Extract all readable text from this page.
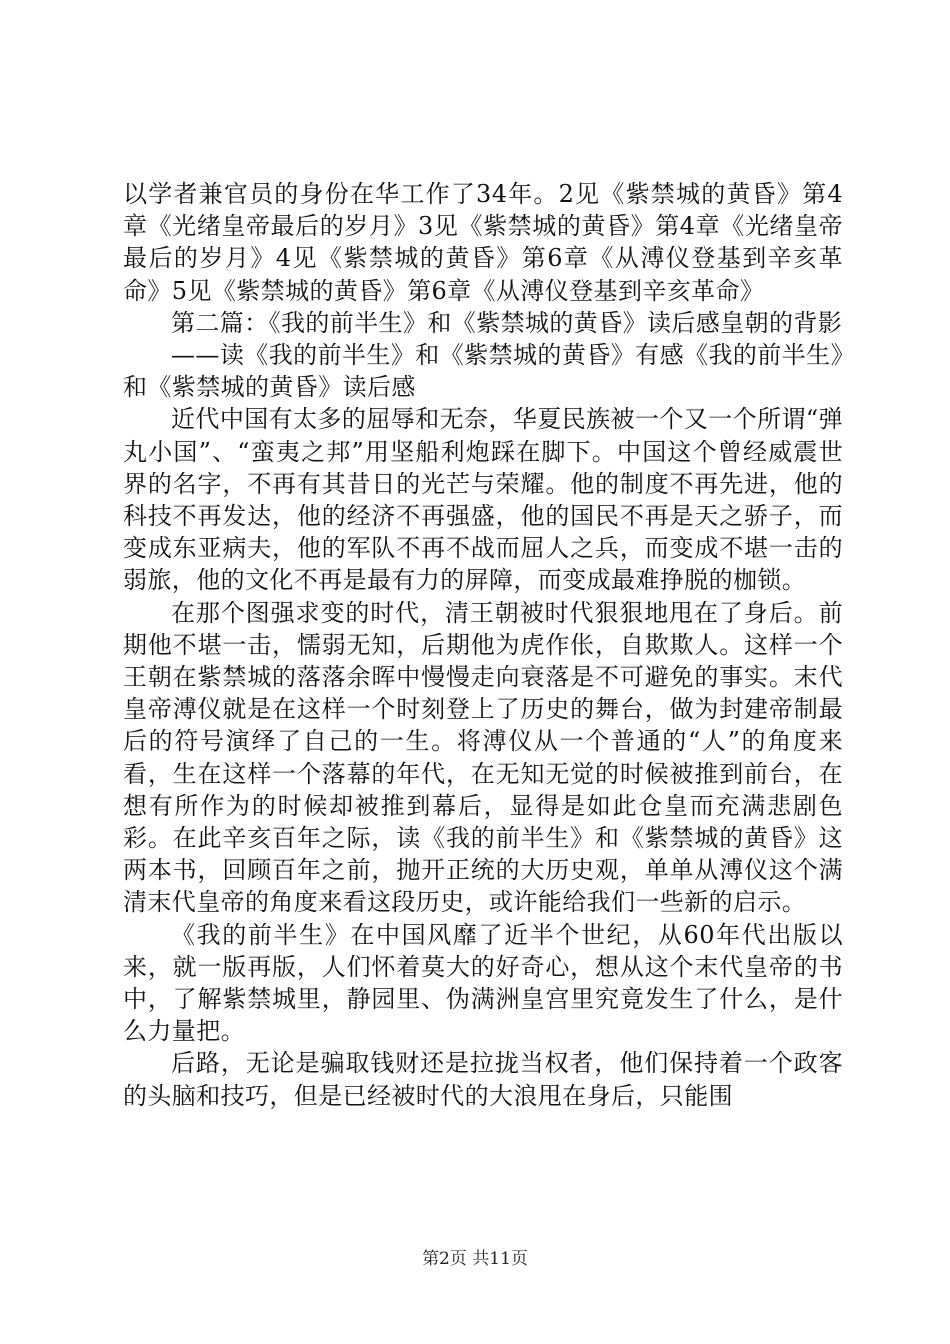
以学者兼官员的身份在华工作了34年。2见《紫禁城的黄昏》第4章《光绪皇帝最后的岁月》3见《紫禁城的黄昏》第4章《光绪皇帝最后的岁月》4见《紫禁城的黄昏》第6章《从溥仪登基到辛亥革命》5见《紫禁城的黄昏》第6章《从溥仪登基到辛亥革命》

第二篇：《我的前半生》和《紫禁城的黄昏》读后感皇朝的背影

——读《我的前半生》和《紫禁城的黄昏》有感《我的前半生》和《紫禁城的黄昏》读后感

近代中国有太多的屈辱和无奈，华夏民族被一个又一个所谓“弹丸小国”、“蛮夷之邦”用坚船利炮踩在脚下。中国这个曾经威震世界的名字，不再有其昔日的光芒与荣耀。他的制度不再先进，他的科技不再发达，他的经济不再强盛，他的国民不再是天之骄子，而变成东亚病夫，他的军队不再不战而屈人之兵，而变成不堪一击的弱旅，他的文化不再是最有力的屏障，而变成最难挣脱的枷锁。

在那个图强求变的时代，清王朝被时代狠狠地甩在了身后。前期他不堪一击，懦弱无知，后期他为虎作伥，自欺欺人。这样一个王朝在紫禁城的落落余晖中慢慢走向衰落是不可避免的事实。末代皇帝溥仪就是在这样一个时刻登上了历史的舞台，做为封建帝制最后的符号演绎了自己的一生。将溥仪从一个普通的“人”的角度来看，生在这样一个落幕的年代，在无知无觉的时候被推到前台，在想有所作为的时候却被推到幕后，显得是如此仓皇而充满悲剧色彩。在此辛亥百年之际，读《我的前半生》和《紫禁城的黄昏》这两本书，回顾百年之前，抛开正统的大历史观，单单从溥仪这个满清末代皇帝的角度来看这段历史，或许能给我们一些新的启示。

《我的前半生》在中国风靡了近半个世纪，从60年代出版以来，就一版再版，人们怀着莫大的好奇心，想从这个末代皇帝的书中，了解紫禁城里，静园里、伪满洲皇宫里究竟发生了什么，是什么力量把。

后路，无论是骗取钱财还是拉拢当权者，他们保持着一个政客的头脑和技巧，但是已经被时代的大浪甩在身后，只能围

第2页 共11页
